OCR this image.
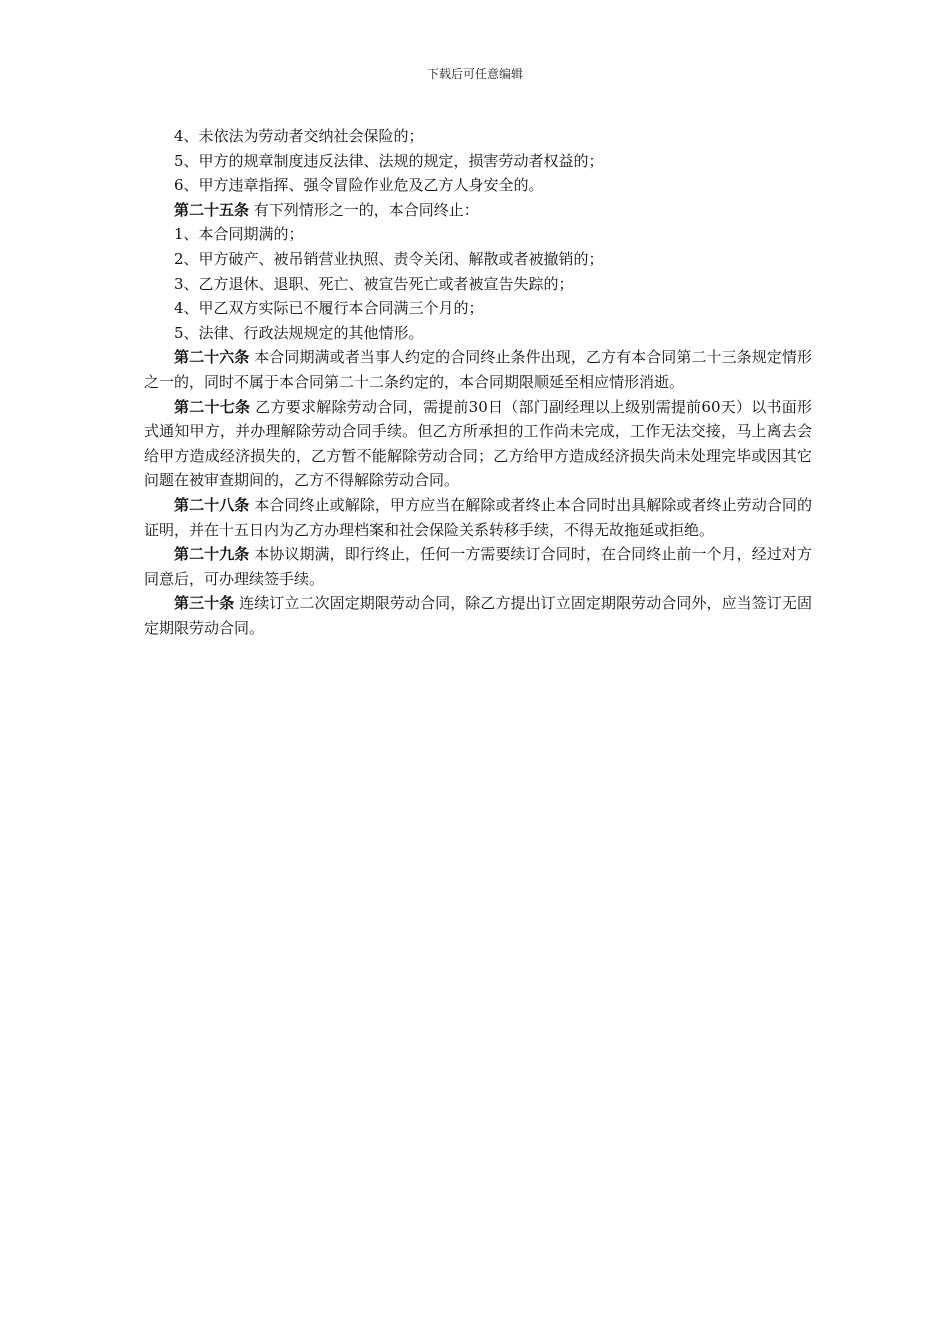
下载后可任意编辑

4、未依法为劳动者交纳社会保险的；

5、甲方的规章制度违反法律、法规的规定，损害劳动者权益的；

6、甲方违章指挥、强令冒险作业危及乙方人身安全的。

第二十五条 有下列情形之一的，本合同终止：

1、本合同期满的；

2、甲方破产、被吊销营业执照、责令关闭、解散或者被撤销的；

3、乙方退休、退职、死亡、被宣告死亡或者被宣告失踪的；

4、甲乙双方实际已不履行本合同满三个月的；

5、法律、行政法规规定的其他情形。

第二十六条 本合同期满或者当事人约定的合同终止条件出现，乙方有本合同第二十三条规定情形之一的，同时不属于本合同第二十二条约定的，本合同期限顺延至相应情形消逝。

第二十七条 乙方要求解除劳动合同，需提前30日（部门副经理以上级别需提前60天）以书面形式通知甲方，并办理解除劳动合同手续。但乙方所承担的工作尚未完成，工作无法交接，马上离去会给甲方造成经济损失的，乙方暂不能解除劳动合同；乙方给甲方造成经济损失尚未处理完毕或因其它问题在被审查期间的，乙方不得解除劳动合同。

第二十八条 本合同终止或解除，甲方应当在解除或者终止本合同时出具解除或者终止劳动合同的证明，并在十五日内为乙方办理档案和社会保险关系转移手续，不得无故拖延或拒绝。

第二十九条 本协议期满，即行终止，任何一方需要续订合同时，在合同终止前一个月，经过对方同意后，可办理续签手续。

第三十条 连续订立二次固定期限劳动合同，除乙方提出订立固定期限劳动合同外，应当签订无固定期限劳动合同。
